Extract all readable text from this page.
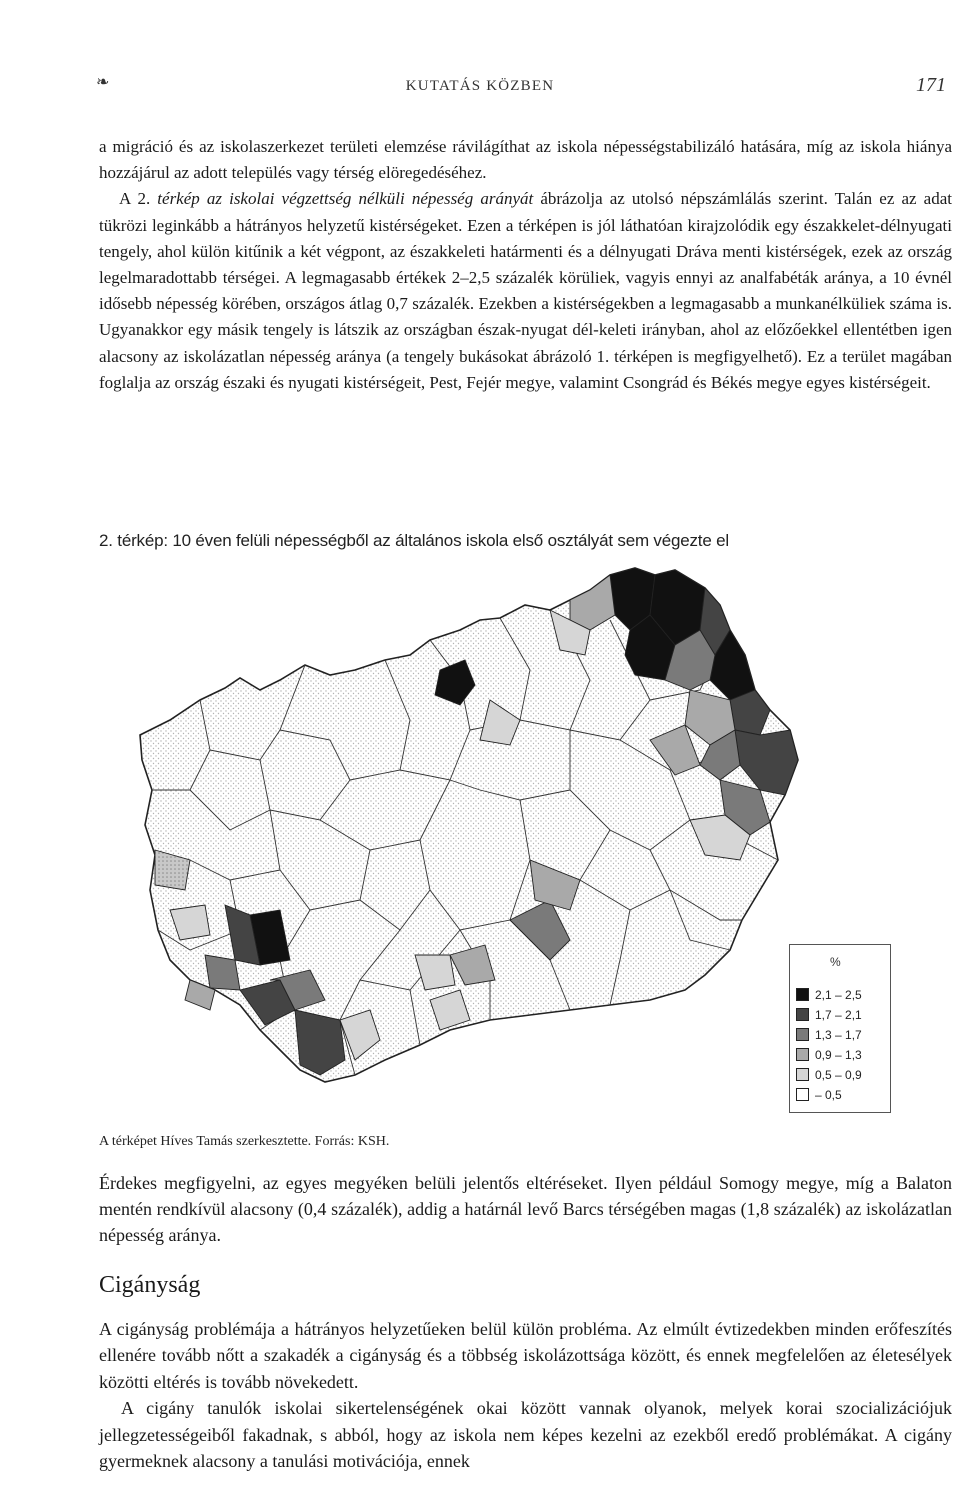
❧	KUTATÁS KÖZBEN	171
a migráció és az iskolaszerkezet területi elemzése rávilágíthat az iskola népességstabilizáló hatására, míg az iskola hiánya hozzájárul az adott település vagy térség elöregedéséhez.
A 2. térkép az iskolai végzettség nélküli népesség arányát ábrázolja az utolsó népszámlálás szerint. Talán ez az adat tükrözi leginkább a hátrányos helyzetű kistérségeket. Ezen a térképen is jól láthatóan kirajzolódik egy északkelet-délnyugati tengely, ahol külön kitűnik a két végpont, az északkeleti határmenti és a délnyugati Dráva menti kistérségek, ezek az ország legelmaradottabb térségei. A legmagasabb értékek 2–2,5 százalék körüliek, vagyis ennyi az analfabéták aránya, a 10 évnél idősebb népesség körében, országos átlag 0,7 százalék. Ezekben a kistérségekben a legmagasabb a munkanélküliek száma is. Ugyanakkor egy másik tengely is látszik az országban észak-nyugat dél-keleti irányban, ahol az előzőekkel ellentétben igen alacsony az iskolázatlan népesség aránya (a tengely bukásokat ábrázoló 1. térképen is megfigyelhető). Ez a terület magában foglalja az ország északi és nyugati kistérségeit, Pest, Fejér megye, valamint Csongrád és Békés megye egyes kistérségeit.
2. térkép: 10 éven felüli népességből az általános iskola első osztályát sem végezte el
%
2,1 – 2,5
1,7 – 2,1
1,3 – 1,7
0,9 – 1,3
0,5 – 0,9
– 0,5
A térképet Híves Tamás szerkesztette. Forrás: KSH.
Érdekes megfigyelni, az egyes megyéken belüli jelentős eltéréseket. Ilyen például Somogy megye, míg a Balaton mentén rendkívül alacsony (0,4 százalék), addig a határnál levő Barcs térségében magas (1,8 százalék) az iskolázatlan népesség aránya.
Cigányság
A cigányság problémája a hátrányos helyzetűeken belül külön probléma. Az elmúlt évtizedekben minden erőfeszítés ellenére tovább nőtt a szakadék a cigányság és a többség iskolázottsága között, és ennek megfelelően az életesélyek közötti eltérés is tovább növekedett.
A cigány tanulók iskolai sikertelenségének okai között vannak olyanok, melyek korai szocializációjuk jellegzetességeiből fakadnak, s abból, hogy az iskola nem képes kezelni az ezekből eredő problémákat. A cigány gyermeknek alacsony a tanulási motivációja, ennek
